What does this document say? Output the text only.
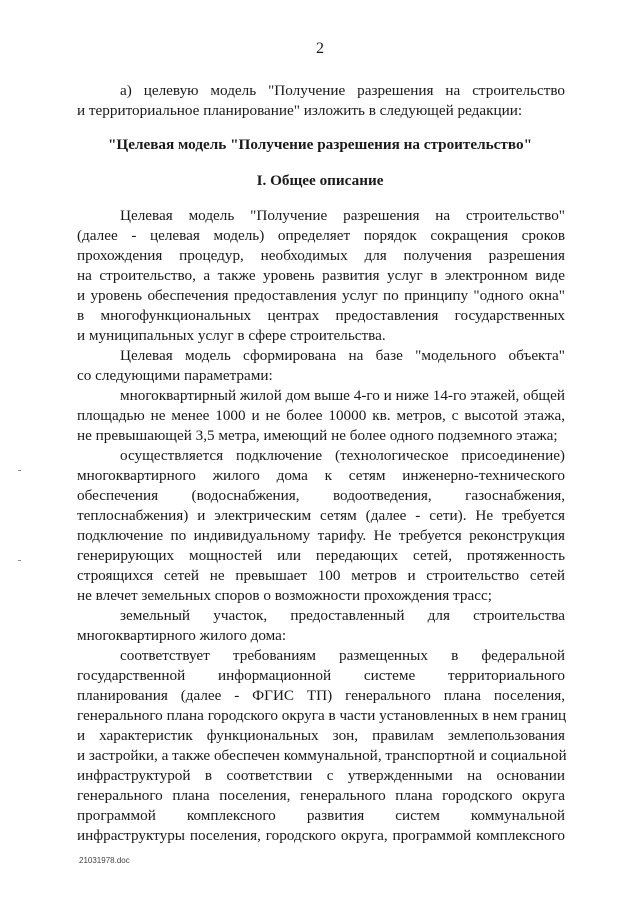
2
а) целевую модель "Получение разрешения на строительство
и территориальное планирование" изложить в следующей редакции:
"Целевая модель "Получение разрешения на строительство"
I. Общее описание
Целевая модель "Получение разрешения на строительство"
(далее - целевая модель) определяет порядок сокращения сроков
прохождения процедур, необходимых для получения разрешения
на строительство, а также уровень развития услуг в электронном виде
и уровень обеспечения предоставления услуг по принципу "одного окна"
в многофункциональных центрах предоставления государственных
и муниципальных услуг в сфере строительства.
Целевая модель сформирована на базе "модельного объекта"
со следующими параметрами:
многоквартирный жилой дом выше 4-го и ниже 14-го этажей, общей
площадью не менее 1000 и не более 10000 кв. метров, с высотой этажа,
не превышающей 3,5 метра, имеющий не более одного подземного этажа;
осуществляется подключение (технологическое присоединение)
многоквартирного жилого дома к сетям инженерно-технического
обеспечения (водоснабжения, водоотведения, газоснабжения,
теплоснабжения) и электрическим сетям (далее - сети). Не требуется
подключение по индивидуальному тарифу. Не требуется реконструкция
генерирующих мощностей или передающих сетей, протяженность
строящихся сетей не превышает 100 метров и строительство сетей
не влечет земельных споров о возможности прохождения трасс;
земельный участок, предоставленный для строительства
многоквартирного жилого дома:
соответствует требованиям размещенных в федеральной
государственной информационной системе территориального
планирования (далее - ФГИС ТП) генерального плана поселения,
генерального плана городского округа в части установленных в нем границ
и характеристик функциональных зон, правилам землепользования
и застройки, а также обеспечен коммунальной, транспортной и социальной
инфраструктурой в соответствии с утвержденными на основании
генерального плана поселения, генерального плана городского округа
программой комплексного развития систем коммунальной
инфраструктуры поселения, городского округа, программой комплексного
21031978.doc
